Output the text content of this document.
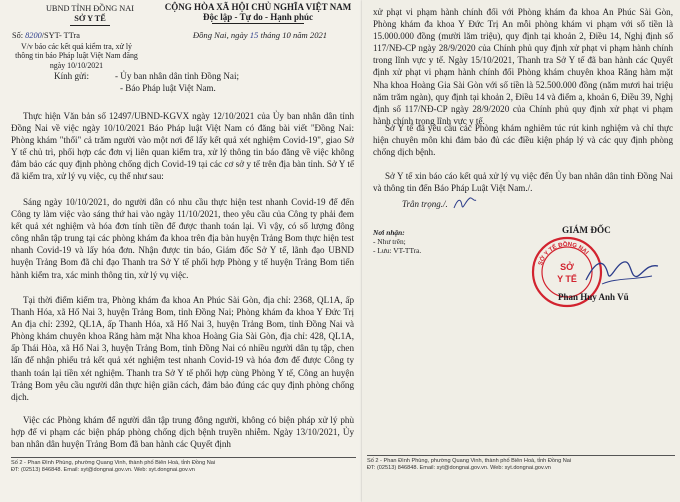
UBND TỈNH ĐỒNG NAI
SỞ Y TẾ
Số: 8200/SYT- TTra
V/v báo các kết quả kiểm tra, xử lý thông tin báo Pháp luật Việt Nam đăng ngày 10/10/2021
CỘNG HÒA XÃ HỘI CHỦ NGHĨA VIỆT NAM
Độc lập - Tự do - Hạnh phúc
Đồng Nai, ngày 15 tháng 10 năm 2021
Kính gửi:	- Ủy ban nhân dân tỉnh Đồng Nai;
- Báo Pháp luật Việt Nam.
Thực hiện Văn bản số 12497/UBND-KGVX ngày 12/10/2021 của Ủy ban nhân dân tỉnh Đồng Nai về việc ngày 10/10/2021 Báo Pháp luật Việt Nam có đăng bài viết "Đồng Nai: Phòng khám "thổi" cả trăm người vào một nơi để lấy kết quả xét nghiệm Covid-19", giao Sở Y tế chủ trì, phối hợp các đơn vị liên quan kiểm tra, xử lý thông tin báo đăng về việc không đảm bảo các quy định phòng chống dịch Covid-19 tại các cơ sở y tế trên địa bàn tỉnh. Sở Y tế đã kiểm tra, xử lý vụ việc, cụ thể như sau:
Sáng ngày 10/10/2021, do người dân có nhu cầu thực hiện test nhanh Covid-19 để đến Công ty làm việc vào sáng thứ hai vào ngày 11/10/2021, theo yêu cầu của Công ty phải đem kết quả xét nghiệm và hóa đơn tính tiền để được thanh toán lại. Vì vậy, có số lượng đông công nhân tập trung tại các phòng khám đa khoa trên địa bàn huyện Trảng Bom thực hiện test nhanh Covid-19 và lấy hóa đơn. Nhận được tin báo, Giám đốc Sở Y tế, lãnh đạo UBND huyện Trảng Bom đã chỉ đạo Thanh tra Sở Y tế phối hợp Phòng y tế huyện Trảng Bom tiến hành kiểm tra, xác minh thông tin, xử lý vụ việc.
Tại thời điểm kiểm tra, Phòng khám đa khoa An Phúc Sài Gòn, địa chỉ: 2368, QL1A, ấp Thanh Hóa, xã Hố Nai 3, huyện Trảng Bom, tỉnh Đồng Nai; Phòng khám đa khoa Y Đức Trị An địa chỉ: 2392, QL1A, ấp Thanh Hóa, xã Hố Nai 3, huyện Trảng Bom, tỉnh Đồng Nai và Phòng khám chuyên khoa Răng hàm mặt Nha khoa Hoàng Gia Sài Gòn, địa chỉ: 428, QL1A, ấp Thái Hòa, xã Hố Nai 3, huyện Trảng Bom, tỉnh Đồng Nai có nhiều người dân tụ tập, chen lấn để nhận phiếu trả kết quả xét nghiệm test nhanh Covid-19 và hóa đơn để được Công ty thanh toán lại tiền xét nghiệm. Thanh tra Sở Y tế phối hợp cùng Phòng Y tế, Công an huyện Trảng Bom yêu cầu người dân thực hiện giãn cách, đảm bảo đúng các quy định phòng chống dịch.
Việc các Phòng khám để người dân tập trung đông người, không có biện pháp xử lý phù hợp để vi phạm các biện pháp phòng chống dịch bệnh truyền nhiễm. Ngày 13/10/2021, Ủy ban nhân dân huyện Trảng Bom đã ban hành các Quyết định
Số 2 - Phan Đình Phùng, phường Quang Vinh, thành phố Biên Hoà, tỉnh Đồng Nai
ĐT: (02513) 846848. Email: syt@dongnai.gov.vn. Web: syt.dongnai.gov.vn
xử phạt vi phạm hành chính đối với Phòng khám đa khoa An Phúc Sài Gòn, Phòng khám đa khoa Y Đức Trị An mỗi phòng khám vi phạm với số tiền là 15.000.000 đồng (mười lăm triệu), quy định tại khoản 2, Điều 14, Nghị định số 117/NĐ-CP ngày 28/9/2020 của Chính phủ quy định xử phạt vi phạm hành chính trong lĩnh vực y tế. Ngày 15/10/2021, Thanh tra Sở Y tế đã ban hành các Quyết định xử phạt vi phạm hành chính đối Phòng khám chuyên khoa Răng hàm mặt Nha khoa Hoàng Gia Sài Gòn với số tiền là 52.500.000 đồng (năm mươi hai triệu năm trăm ngàn), quy định tại khoản 2, Điều 14 và điểm a, khoản 6, Điều 39, Nghị định số 117/NĐ-CP ngày 28/9/2020 của Chính phủ quy định xử phạt vi phạm hành chính trong lĩnh vực y tế.
Sở Y tế đã yêu cầu các Phòng khám nghiêm túc rút kinh nghiệm và chỉ thực hiện chuyên môn khi đảm bảo đủ các điều kiện pháp lý và các quy định phòng chống dịch bệnh.
Sở Y tế xin báo cáo kết quả xử lý vụ việc đến Ủy ban nhân dân tỉnh Đồng Nai và thông tin đến Báo Pháp Luật Việt Nam./.
Trân trọng./.
Nơi nhận:
- Như trên;
- Lưu: VT-TTra.
GIÁM ĐỐC
SỞ Y TẾ ĐỒNG NAI
SỞ
Y TẾ
Phan Huy Anh Vũ
Số 2 - Phan Đình Phùng, phường Quang Vinh, thành phố Biên Hoà, tỉnh Đồng Nai
ĐT: (02513) 846848. Email: syt@dongnai.gov.vn. Web: syt.dongnai.gov.vn
